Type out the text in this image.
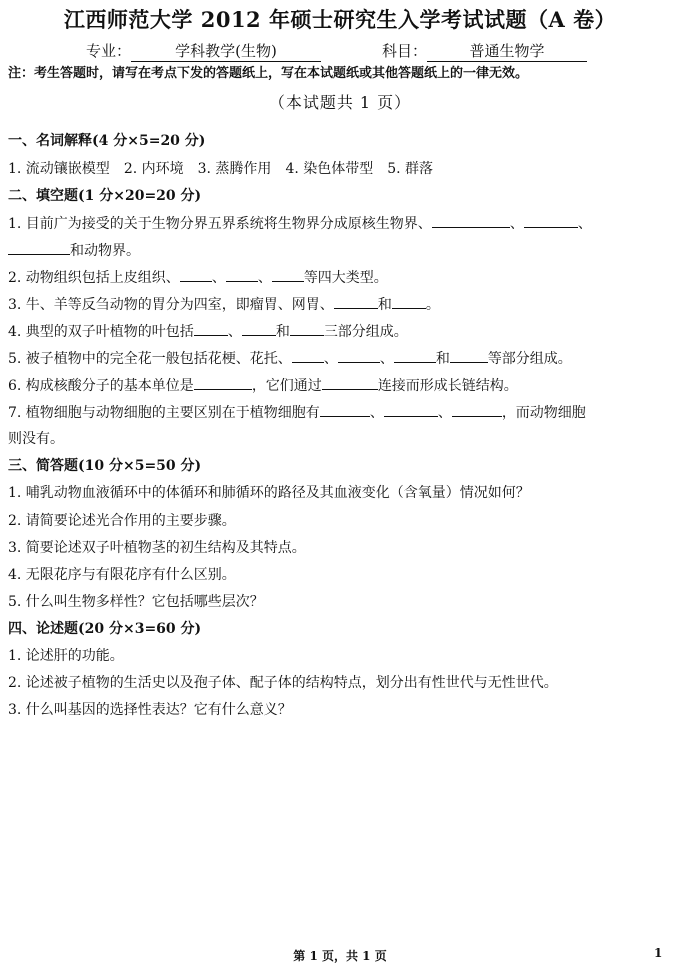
江西师范大学 2012 年硕士研究生入学考试试题（A 卷）
专业：	学科教学(生物)	科目：	普通生物学
注：考生答题时，请写在考点下发的答题纸上，写在本试题纸或其他答题纸上的一律无效。
（本试题共 1 页）
一、名词解释(4 分×5=20 分)
1. 流动镶嵌模型 2. 内环境 3. 蒸腾作用 4. 染色体带型 5. 群落
二、填空题(1 分×20=20 分)
1. 目前广为接受的关于生物分界五界系统将生物界分成原核生物界、	、	、
和动物界。
2. 动物组织包括上皮组织、 、 、 等四大类型。
3. 牛、羊等反刍动物的胃分为四室，即瘤胃、网胃、	和 。
4. 典型的双子叶植物的叶包括 、 和 三部分组成。
5. 被子植物中的完全花一般包括花梗、花托、 、	、	和	等部分组成。
6. 构成核酸分子的基本单位是	，它们通过	连接而形成长链结构。
7. 植物细胞与动物细胞的主要区别在于植物细胞有	、	、	，而动物细胞
则没有。
三、简答题(10 分×5=50 分)
1. 哺乳动物血液循环中的体循环和肺循环的路径及其血液变化（含氧量）情况如何？
2. 请简要论述光合作用的主要步骤。
3. 简要论述双子叶植物茎的初生结构及其特点。
4. 无限花序与有限花序有什么区别。
5. 什么叫生物多样性？它包括哪些层次？
四、论述题(20 分×3=60 分)
1. 论述肝的功能。
2. 论述被子植物的生活史以及孢子体、配子体的结构特点，划分出有性世代与无性世代。
3. 什么叫基因的选择性表达？它有什么意义？
第 1 页，共 1 页	1
